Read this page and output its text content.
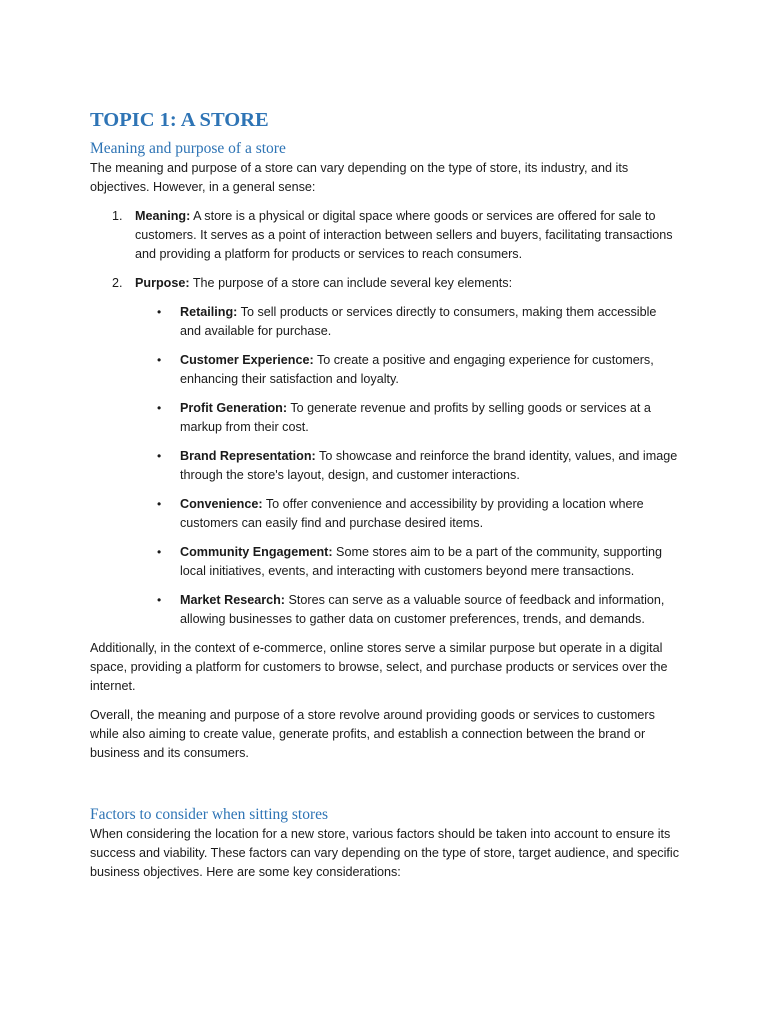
TOPIC 1: A STORE
Meaning and purpose of a store

The meaning and purpose of a store can vary depending on the type of store, its industry, and its objectives. However, in a general sense:

1. Meaning: A store is a physical or digital space where goods or services are offered for sale to customers. It serves as a point of interaction between sellers and buyers, facilitating transactions and providing a platform for products or services to reach consumers.
2. Purpose: The purpose of a store can include several key elements:
• Retailing: To sell products or services directly to consumers, making them accessible and available for purchase.
• Customer Experience: To create a positive and engaging experience for customers, enhancing their satisfaction and loyalty.
• Profit Generation: To generate revenue and profits by selling goods or services at a markup from their cost.
• Brand Representation: To showcase and reinforce the brand identity, values, and image through the store's layout, design, and customer interactions.
• Convenience: To offer convenience and accessibility by providing a location where customers can easily find and purchase desired items.
• Community Engagement: Some stores aim to be a part of the community, supporting local initiatives, events, and interacting with customers beyond mere transactions.
• Market Research: Stores can serve as a valuable source of feedback and information, allowing businesses to gather data on customer preferences, trends, and demands.

Additionally, in the context of e-commerce, online stores serve a similar purpose but operate in a digital space, providing a platform for customers to browse, select, and purchase products or services over the internet.

Overall, the meaning and purpose of a store revolve around providing goods or services to customers while also aiming to create value, generate profits, and establish a connection between the brand or business and its consumers.

Factors to consider when sitting stores

When considering the location for a new store, various factors should be taken into account to ensure its success and viability. These factors can vary depending on the type of store, target audience, and specific business objectives. Here are some key considerations:
